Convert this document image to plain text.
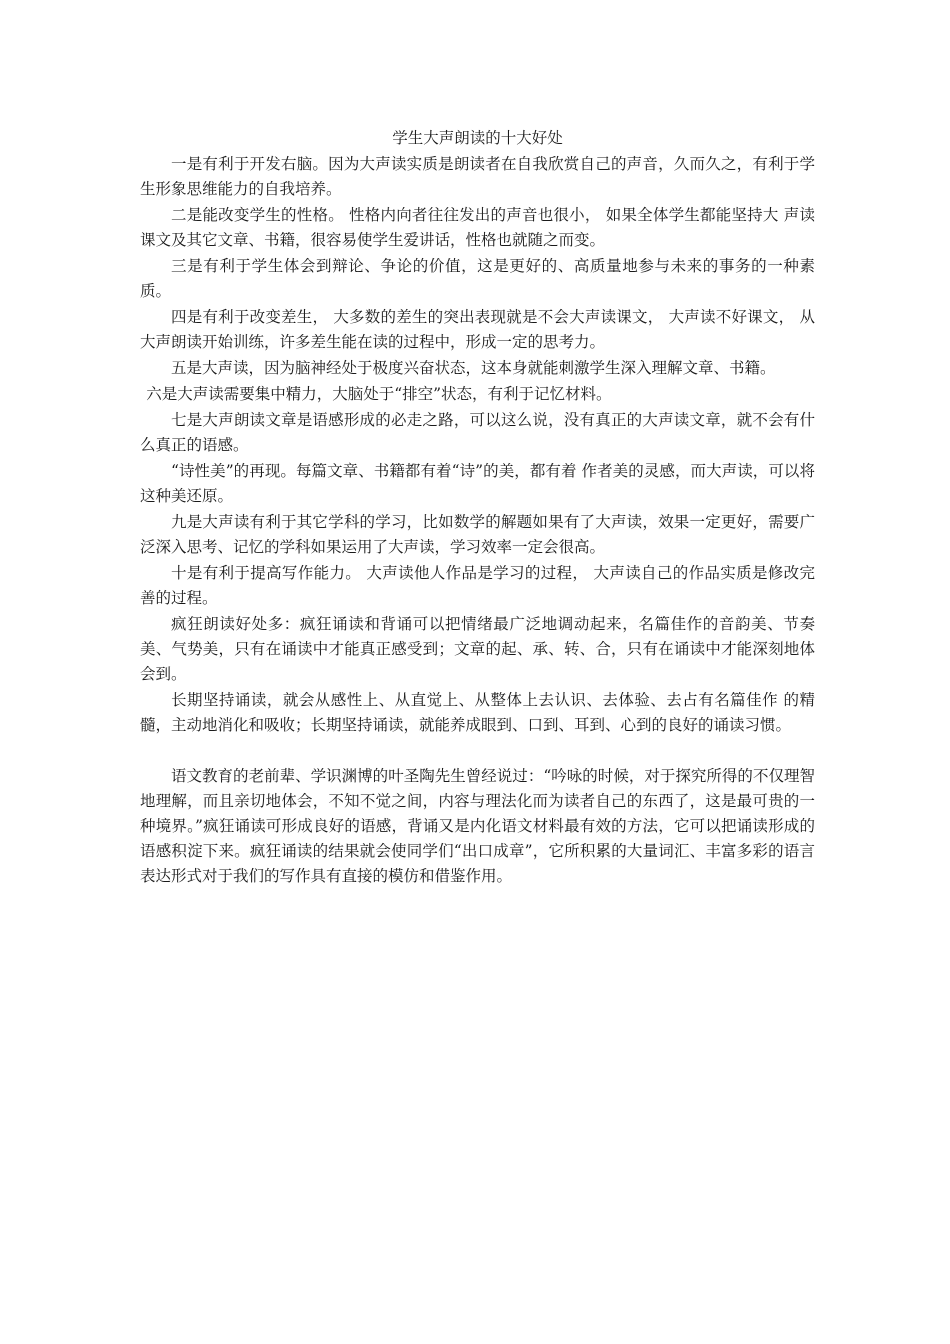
学生大声朗读的十大好处

一是有利于开发右脑。因为大声读实质是朗读者在自我欣赏自己的声音，久而久之，有利于学生形象思维能力的自我培养。

二是能改变学生的性格。 性格内向者往往发出的声音也很小， 如果全体学生都能坚持大 声读课文及其它文章、书籍，很容易使学生爱讲话，性格也就随之而变。

三是有利于学生体会到辩论、争论的价值，这是更好的、高质量地参与未来的事务的一种素质。

四是有利于改变差生， 大多数的差生的突出表现就是不会大声读课文， 大声读不好课文， 从大声朗读开始训练，许多差生能在读的过程中，形成一定的思考力。

五是大声读，因为脑神经处于极度兴奋状态，这本身就能刺激学生深入理解文章、书籍。

六是大声读需要集中精力，大脑处于“排空”状态，有利于记忆材料。

七是大声朗读文章是语感形成的必走之路，可以这么说，没有真正的大声读文章，就不会有什么真正的语感。

“诗性美”的再现。每篇文章、书籍都有着“诗”的美，都有着 作者美的灵感，而大声读，可以将这种美还原。

九是大声读有利于其它学科的学习，比如数学的解题如果有了大声读，效果一定更好，需要广泛深入思考、记忆的学科如果运用了大声读，学习效率一定会很高。

十是有利于提高写作能力。 大声读他人作品是学习的过程， 大声读自己的作品实质是修改完善的过程。

疯狂朗读好处多：疯狂诵读和背诵可以把情绪最广泛地调动起来，名篇佳作的音韵美、节奏美、气势美，只有在诵读中才能真正感受到；文章的起、承、转、合，只有在诵读中才能深刻地体会到。

长期坚持诵读，就会从感性上、从直觉上、从整体上去认识、去体验、去占有名篇佳作 的精髓，主动地消化和吸收；长期坚持诵读，就能养成眼到、口到、耳到、心到的良好的诵读习惯。

语文教育的老前辈、学识渊博的叶圣陶先生曾经说过：“吟咏的时候，对于探究所得的不仅理智地理解，而且亲切地体会，不知不觉之间，内容与理法化而为读者自己的东西了，这是最可贵的一种境界。”疯狂诵读可形成良好的语感，背诵又是内化语文材料最有效的方法，它可以把诵读形成的语感积淀下来。疯狂诵读的结果就会使同学们“出口成章”，它所积累的大量词汇、丰富多彩的语言表达形式对于我们的写作具有直接的模仿和借鉴作用。
